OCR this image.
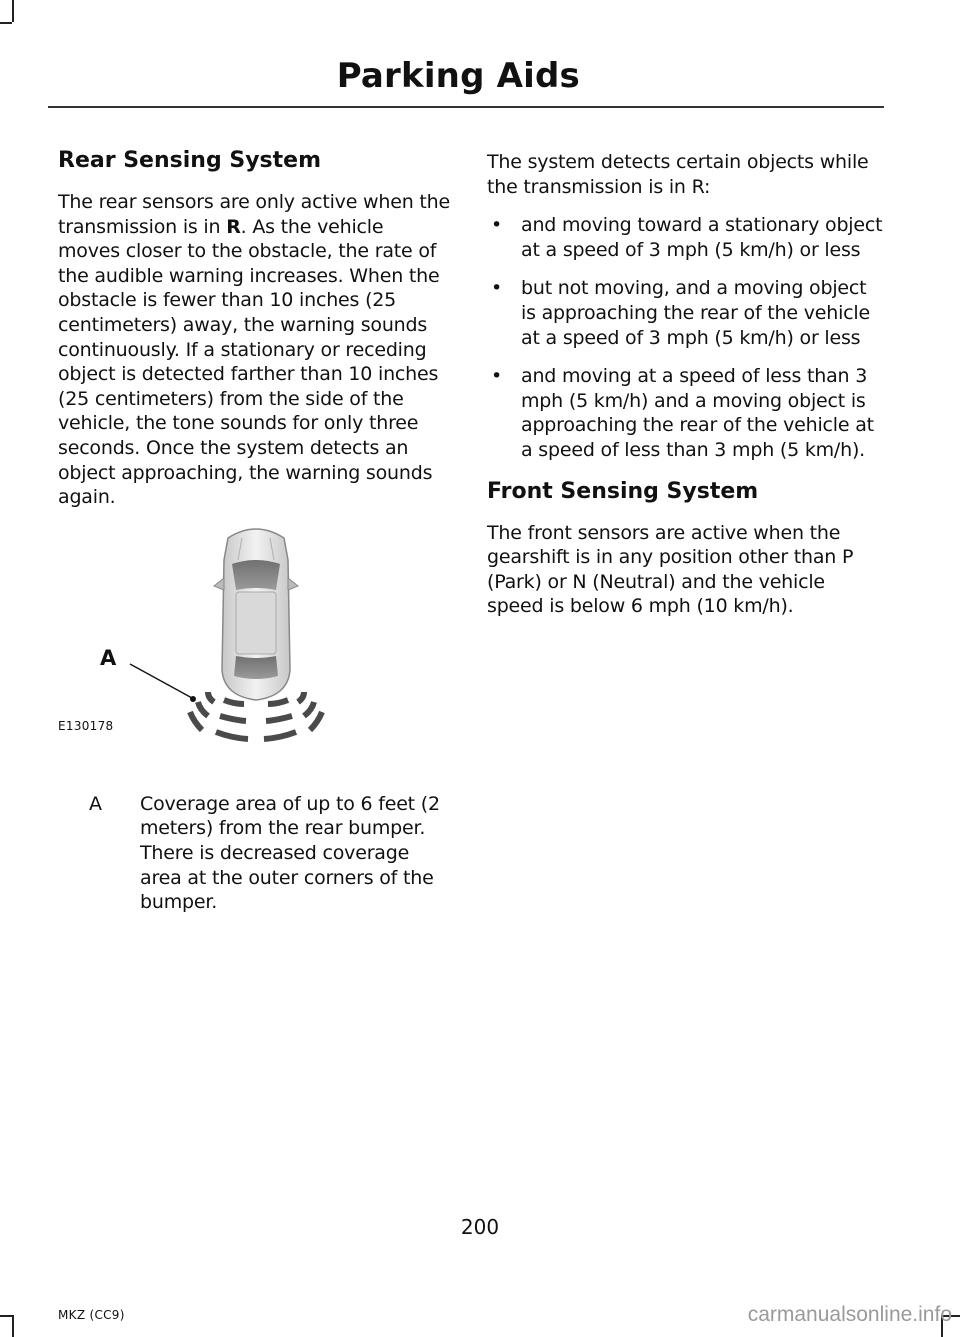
Parking Aids
Rear Sensing System

The rear sensors are only active when the transmission is in R. As the vehicle moves closer to the obstacle, the rate of the audible warning increases. When the obstacle is fewer than 10 inches (25 centimeters) away, the warning sounds continuously. If a stationary or receding object is detected farther than 10 inches (25 centimeters) from the side of the vehicle, the tone sounds for only three seconds. Once the system detects an object approaching, the warning sounds again.

A
E130178
A	Coverage area of up to 6 feet (2 meters) from the rear bumper. There is decreased coverage area at the outer corners of the bumper.

The system detects certain objects while the transmission is in R:

• and moving toward a stationary object at a speed of 3 mph (5 km/h) or less
• but not moving, and a moving object is approaching the rear of the vehicle at a speed of 3 mph (5 km/h) or less
• and moving at a speed of less than 3 mph (5 km/h) and a moving object is approaching the rear of the vehicle at a speed of less than 3 mph (5 km/h).
Front Sensing System

The front sensors are active when the gearshift is in any position other than P (Park) or N (Neutral) and the vehicle speed is below 6 mph (10 km/h).

200
MKZ (CC9)	carmanualsonline.info
